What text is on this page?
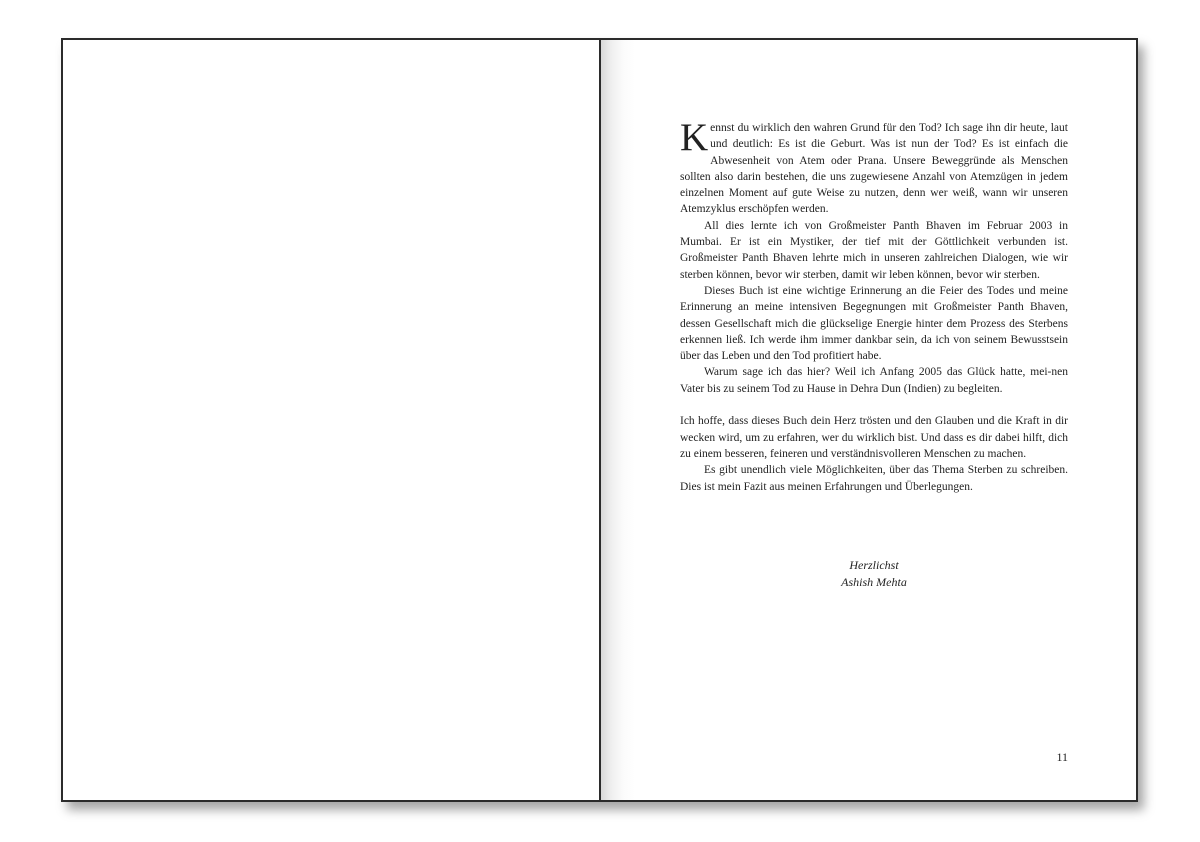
Kennst du wirklich den wahren Grund für den Tod? Ich sage ihn dir heute, laut und deutlich: Es ist die Geburt. Was ist nun der Tod? Es ist einfach die Abwesenheit von Atem oder Prana. Unsere Beweggründe als Menschen sollten also darin bestehen, die uns zugewiesene Anzahl von Atemzügen in jedem einzelnen Moment auf gute Weise zu nutzen, denn wer weiß, wann wir unseren Atemzyklus erschöpfen werden.

All dies lernte ich von Großmeister Panth Bhaven im Februar 2003 in Mumbai. Er ist ein Mystiker, der tief mit der Göttlichkeit verbunden ist. Großmeister Panth Bhaven lehrte mich in unseren zahlreichen Dialogen, wie wir sterben können, bevor wir sterben, damit wir leben können, bevor wir sterben.

Dieses Buch ist eine wichtige Erinnerung an die Feier des Todes und meine Erinnerung an meine intensiven Begegnungen mit Großmeister Panth Bhaven, dessen Gesellschaft mich die glückselige Energie hinter dem Prozess des Sterbens erkennen ließ. Ich werde ihm immer dankbar sein, da ich von seinem Bewusstsein über das Leben und den Tod profitiert habe.

Warum sage ich das hier? Weil ich Anfang 2005 das Glück hatte, mei-nen Vater bis zu seinem Tod zu Hause in Dehra Dun (Indien) zu begleiten.

Ich hoffe, dass dieses Buch dein Herz trösten und den Glauben und die Kraft in dir wecken wird, um zu erfahren, wer du wirklich bist. Und dass es dir dabei hilft, dich zu einem besseren, feineren und verständnisvolleren Menschen zu machen.

Es gibt unendlich viele Möglichkeiten, über das Thema Sterben zu schreiben. Dies ist mein Fazit aus meinen Erfahrungen und Überlegungen.

Herzlichst
Ashish Mehta
11
